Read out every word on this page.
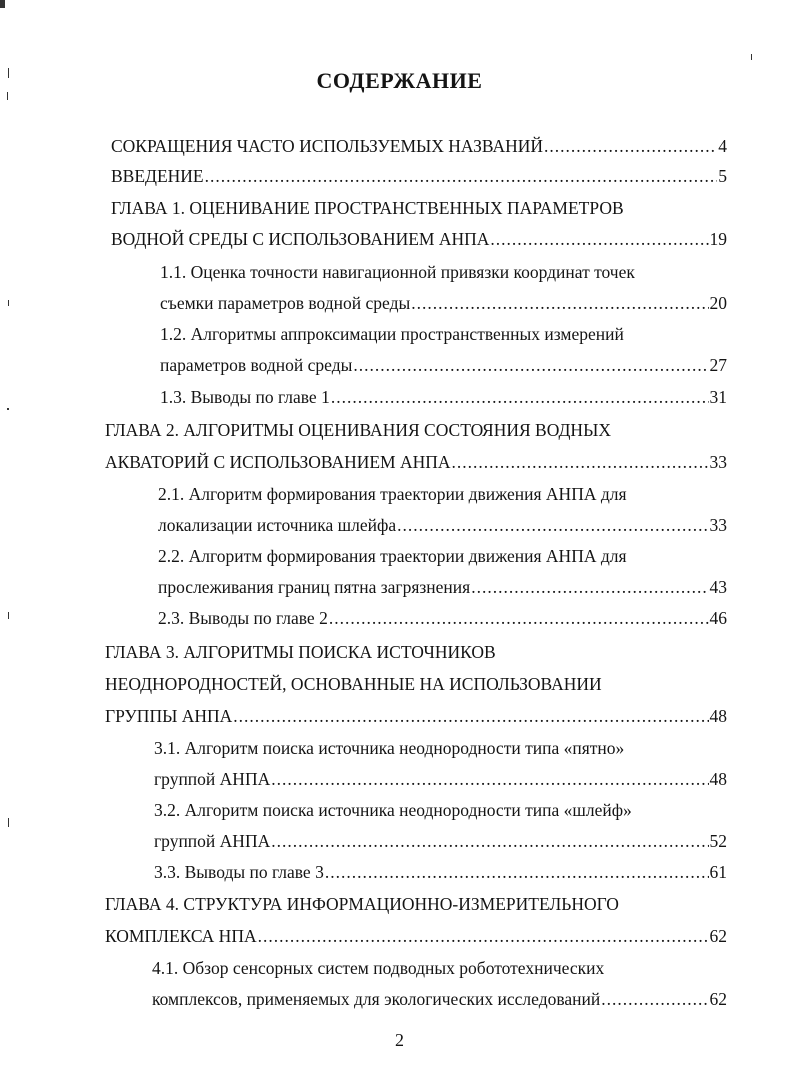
СОДЕРЖАНИЕ
СОКРАЩЕНИЯ ЧАСТО ИСПОЛЬЗУЕМЫХ НАЗВАНИЙ .....	4
ВВЕДЕНИЕ .....	5
ГЛАВА 1. ОЦЕНИВАНИЕ ПРОСТРАНСТВЕННЫХ ПАРАМЕТРОВ
ВОДНОЙ СРЕДЫ С ИСПОЛЬЗОВАНИЕМ АНПА .....	19
1.1. Оценка точности навигационной привязки координат точек
съемки параметров водной среды .....	20
1.2. Алгоритмы аппроксимации пространственных измерений
параметров водной среды .....	27
1.3. Выводы по главе 1 .....	31
ГЛАВА 2. АЛГОРИТМЫ ОЦЕНИВАНИЯ СОСТОЯНИЯ ВОДНЫХ
АКВАТОРИЙ С ИСПОЛЬЗОВАНИЕМ АНПА .....	33
2.1. Алгоритм формирования траектории движения АНПА для
локализации источника шлейфа .....	33
2.2. Алгоритм формирования траектории движения АНПА для
прослеживания границ пятна загрязнения .....	43
2.3. Выводы по главе 2 .....	46
ГЛАВА 3. АЛГОРИТМЫ ПОИСКА ИСТОЧНИКОВ
НЕОДНОРОДНОСТЕЙ, ОСНОВАННЫЕ НА ИСПОЛЬЗОВАНИИ
ГРУППЫ АНПА .....	48
3.1. Алгоритм поиска источника неоднородности типа «пятно»
группой АНПА .....	48
3.2. Алгоритм поиска источника неоднородности типа «шлейф»
группой АНПА .....	52
3.3. Выводы по главе 3 .....	61
ГЛАВА 4. СТРУКТУРА ИНФОРМАЦИОННО-ИЗМЕРИТЕЛЬНОГО
КОМПЛЕКСА НПА .....	62
4.1. Обзор сенсорных систем подводных робототехнических
комплексов, применяемых для экологических исследований .....	62
2
